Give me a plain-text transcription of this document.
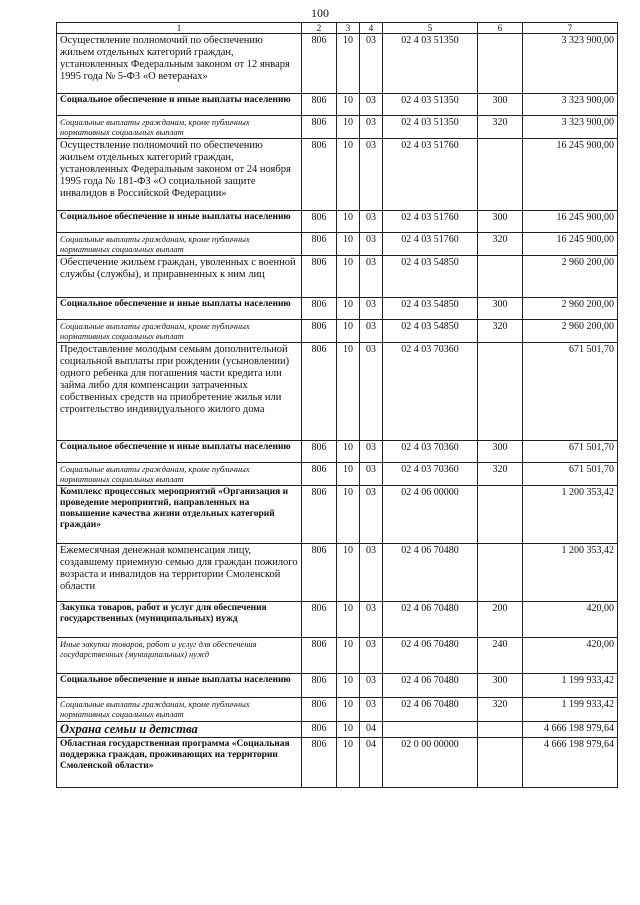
100
1	2	3	4	5	6	7
Осуществление полномочий по обеспечению жильем отдельных категорий граждан, установленных Федеральным законом от 12 января 1995 года № 5-ФЗ «О ветеранах»	806	10	03	02 4 03 51350		3 323 900,00
Социальное обеспечение и иные выплаты населению	806	10	03	02 4 03 51350	300	3 323 900,00
Социальные выплаты гражданам, кроме публичных нормативных социальных выплат	806	10	03	02 4 03 51350	320	3 323 900,00
Осуществление полномочий по обеспечению жильем отдельных категорий граждан, установленных Федеральным законом от 24 ноября 1995 года № 181-ФЗ «О социальной защите инвалидов в Российской Федерации»	806	10	03	02 4 03 51760		16 245 900,00
Социальное обеспечение и иные выплаты населению	806	10	03	02 4 03 51760	300	16 245 900,00
Социальные выплаты гражданам, кроме публичных нормативных социальных выплат	806	10	03	02 4 03 51760	320	16 245 900,00
Обеспечение жильем граждан, уволенных с военной службы (службы), и приравненных к ним лиц	806	10	03	02 4 03 54850		2 960 200,00
Социальное обеспечение и иные выплаты населению	806	10	03	02 4 03 54850	300	2 960 200,00
Социальные выплаты гражданам, кроме публичных нормативных социальных выплат	806	10	03	02 4 03 54850	320	2 960 200,00
Предоставление молодым семьям дополнительной социальной выплаты при рождении (усыновлении) одного ребенка для погашения части кредита или займа либо для компенсации затраченных собственных средств на приобретение жилья или строительство индивидуального жилого дома	806	10	03	02 4 03 70360		671 501,70
Социальное обеспечение и иные выплаты населению	806	10	03	02 4 03 70360	300	671 501,70
Социальные выплаты гражданам, кроме публичных нормативных социальных выплат	806	10	03	02 4 03 70360	320	671 501,70
Комплекс процессных мероприятий «Организация и проведение мероприятий, направленных на повышение качества жизни отдельных категорий граждан»	806	10	03	02 4 06 00000		1 200 353,42
Ежемесячная денежная компенсация лицу, создавшему приемную семью для граждан пожилого возраста и инвалидов на территории Смоленской области	806	10	03	02 4 06 70480		1 200 353,42
Закупка товаров, работ и услуг для обеспечения государственных (муниципальных) нужд	806	10	03	02 4 06 70480	200	420,00
Иные закупки товаров, работ и услуг для обеспечения государственных (муниципальных) нужд	806	10	03	02 4 06 70480	240	420,00
Социальное обеспечение и иные выплаты населению	806	10	03	02 4 06 70480	300	1 199 933,42
Социальные выплаты гражданам, кроме публичных нормативных социальных выплат	806	10	03	02 4 06 70480	320	1 199 933,42
Охрана семьи и детства	806	10	04			4 666 198 979,64
Областная государственная программа «Социальная поддержка граждан, проживающих на территории Смоленской области»	806	10	04	02 0 00 00000		4 666 198 979,64
